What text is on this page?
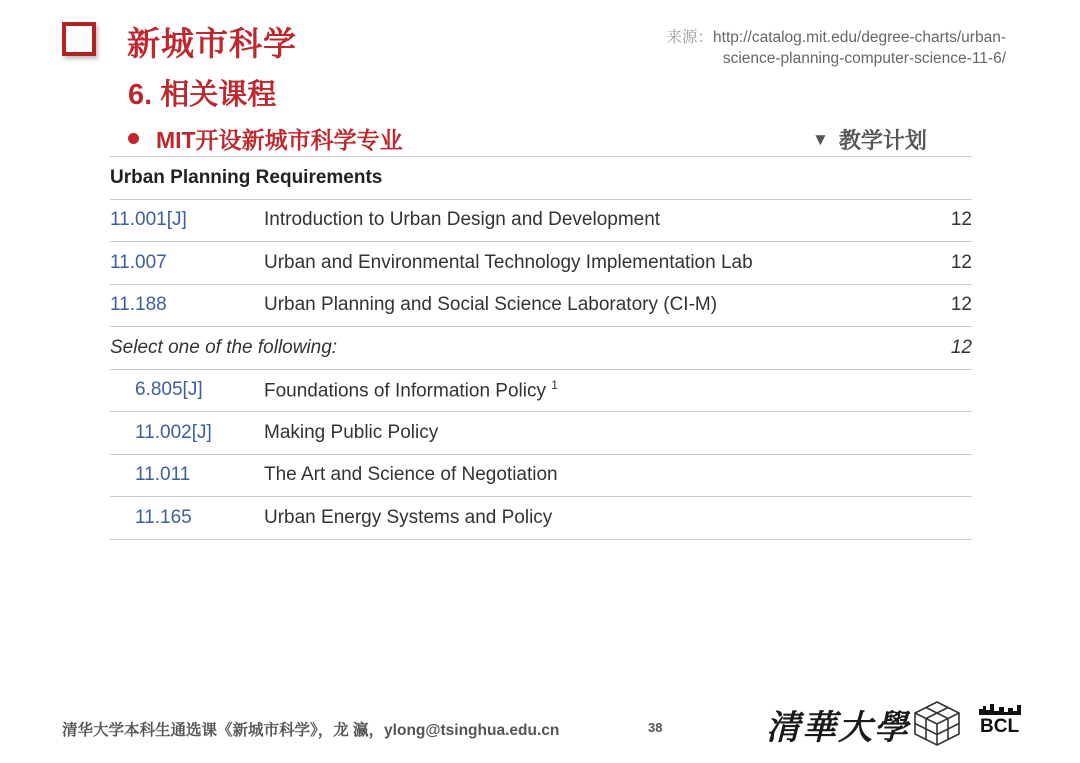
新城市科学	来源：http://catalog.mit.edu/degree-charts/urban-
science-planning-computer-science-11-6/
6. 相关课程
MIT开设新城市科学专业	▼ 教学计划
Urban Planning Requirements
11.001[J]	Introduction to Urban Design and Development	12
11.007	Urban and Environmental Technology Implementation Lab	12
11.188	Urban Planning and Social Science Laboratory (CI-M)	12
Select one of the following:	12
6.805[J]	Foundations of Information Policy $^1$
11.002[J]	Making Public Policy
11.011	The Art and Science of Negotiation
11.165	Urban Energy Systems and Policy
清华大学本科生通选课《新城市科学》，龙 瀛，ylong@tsinghua.edu.cn	38	清華大學	BCL
